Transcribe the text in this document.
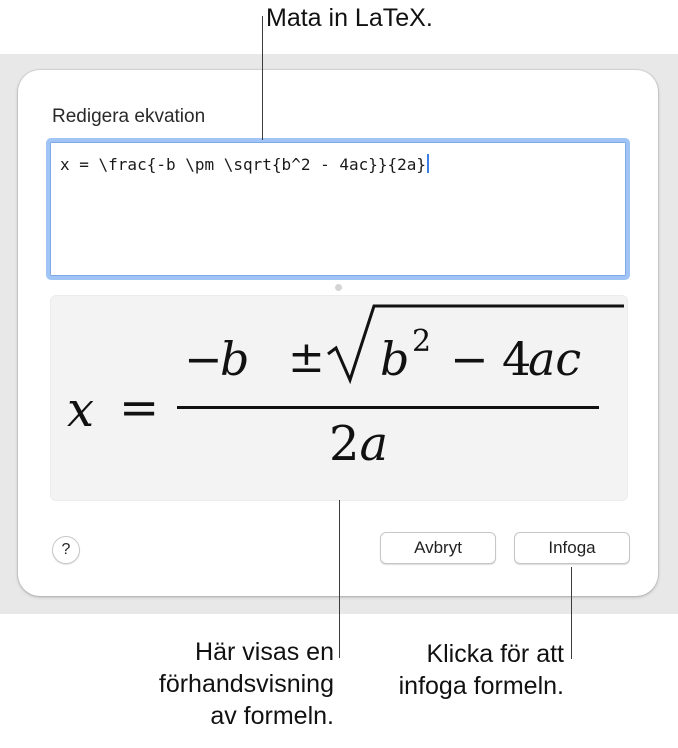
Redigera ekvation
x = \frac{-b \pm \sqrt{b^2 - 4ac}}{2a}
x =
−
b ± b 2 − 4
ac
2a
?	Avbryt	Infoga
Mata in LaTeX.
Här visas en
förhandsvisning
av formeln.
Klicka för att
infoga formeln.
